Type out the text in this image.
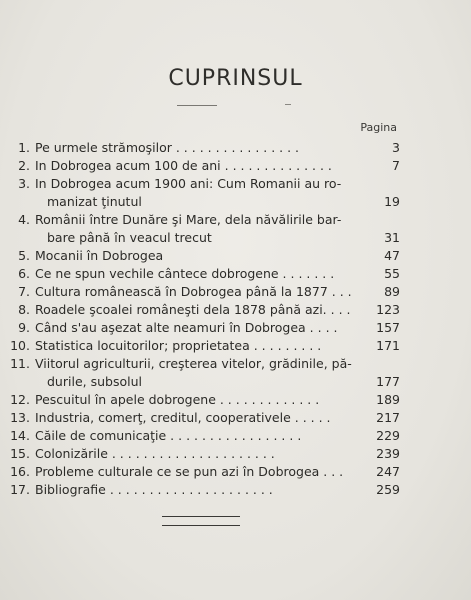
CUPRINSUL
Pagina
1. Pe urmele strămoşilor . . . . . . . . . . . . . . . .	3
2. In Dobrogea acum 100 de ani . . . . . . . . . . . . . .	7
3. In Dobrogea acum 1900 ani: Cum Romanii au ro-
manizat ţinutul	19
4. Românii între Dunăre şi Mare, dela năvălirile bar-
bare până în veacul trecut	31
5. Mocanii în Dobrogea	47
6. Ce ne spun vechile cântece dobrogene . . . . . . .	55
7. Cultura românească în Dobrogea până la 1877 . . .	89
8. Roadele şcoalei româneşti dela 1878 până azi. . . .	123
9. Când s'au aşezat alte neamuri în Dobrogea . . . .	157
10. Statistica locuitorilor; proprietatea . . . . . . . . .	171
11. Viitorul agriculturii, creşterea vitelor, grădinile, pă-
durile, subsolul	177
12. Pescuitul în apele dobrogene . . . . . . . . . . . . .	189
13. Industria, comerţ, creditul, cooperativele . . . . .	217
14. Căile de comunicaţie . . . . . . . . . . . . . . . . .	229
15. Colonizările . . . . . . . . . . . . . . . . . . . . .	239
16. Probleme culturale ce se pun azi în Dobrogea . . .	247
17. Bibliografie . . . . . . . . . . . . . . . . . . . . .	259
